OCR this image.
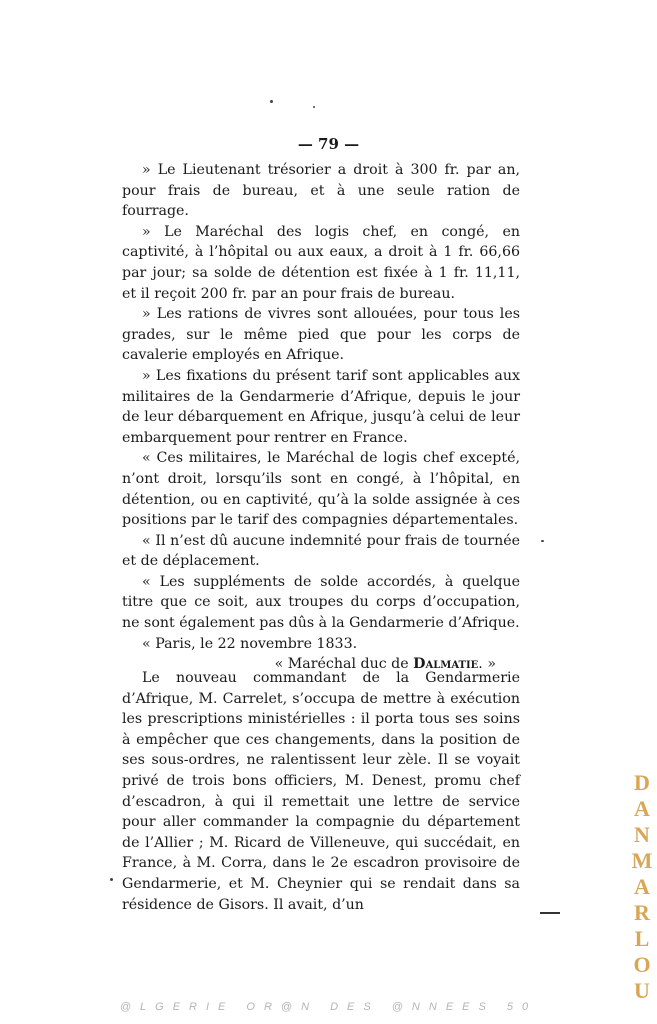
— 79 —

» Le Lieutenant trésorier a droit à 300 fr. par an, pour frais de bureau, et à une seule ration de fourrage.

» Le Maréchal des logis chef, en congé, en captivité, à l’hôpital ou aux eaux, a droit à 1 fr. 66,66 par jour; sa solde de détention est fixée à 1 fr. 11,11, et il reçoit 200 fr. par an pour frais de bureau.

» Les rations de vivres sont allouées, pour tous les grades, sur le même pied que pour les corps de cavalerie employés en Afrique.

» Les fixations du présent tarif sont applicables aux militaires de la Gendarmerie d’Afrique, depuis le jour de leur débarquement en Afrique, jusqu’à celui de leur embarquement pour rentrer en France.

« Ces militaires, le Maréchal de logis chef excepté, n’ont droit, lorsqu’ils sont en congé, à l’hôpital, en détention, ou en captivité, qu’à la solde assignée à ces positions par le tarif des compagnies départementales.

« Il n’est dû aucune indemnité pour frais de tournée et de déplacement.

« Les suppléments de solde accordés, à quelque titre que ce soit, aux troupes du corps d’occupation, ne sont également pas dûs à la Gendarmerie d’Afrique.

« Paris, le 22 novembre 1833.

« Maréchal duc de Dalmatie. »

Le nouveau commandant de la Gendarmerie d’Afrique, M. Carrelet, s’occupa de mettre à exécution les prescriptions ministérielles : il porta tous ses soins à empêcher que ces changements, dans la position de ses sous-ordres, ne ralentissent leur zèle. Il se voyait privé de trois bons officiers, M. Denest, promu chef d’escadron, à qui il remettait une lettre de service pour aller commander la compagnie du département de l’Allier ; M. Ricard de Villeneuve, qui succédait, en France, à M. Corra, dans le 2e escadron provisoire de Gendarmerie, et M. Cheynier qui se rendait dans sa résidence de Gisors. Il avait, d’un

D
A
N
M
A
R
L
O
U
@LGERIE OR@N DES @NNEES 50
